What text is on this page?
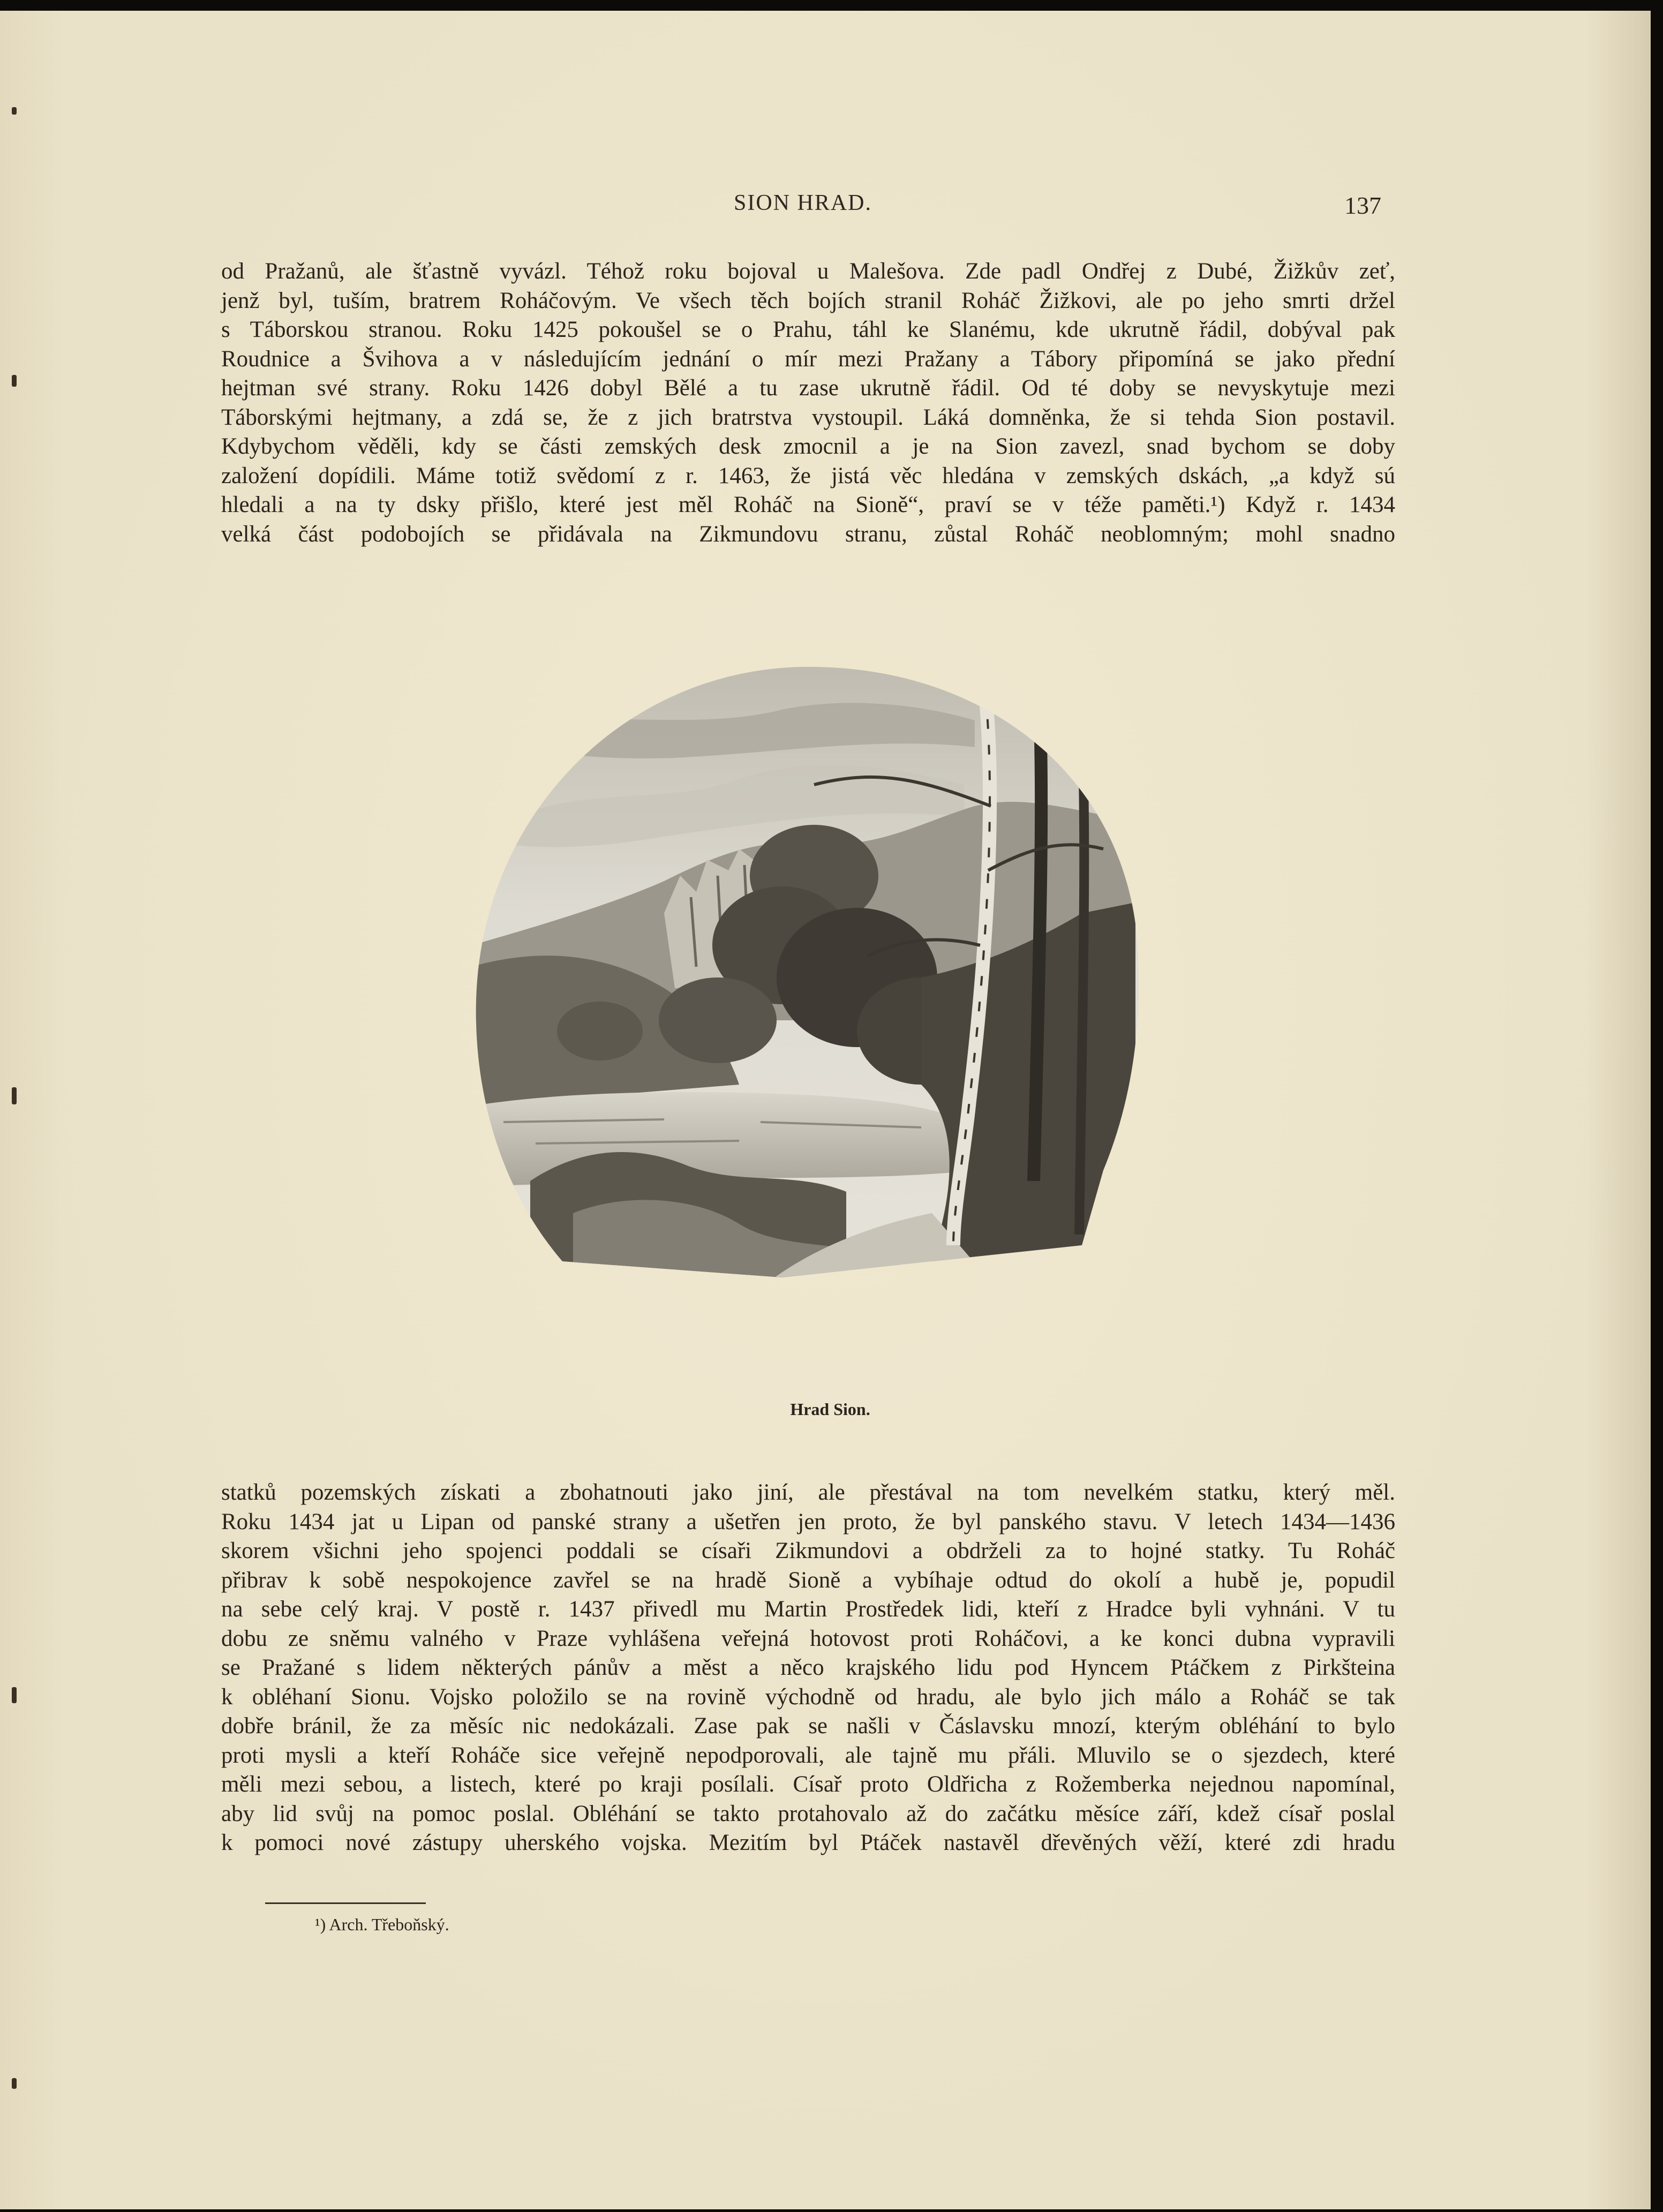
SION HRAD.	137
od Pražanů, ale šťastně vyvázl. Téhož roku bojoval u Malešova. Zde padl Ondřej z Dubé, Žižkův zeť,
jenž byl, tuším, bratrem Roháčovým. Ve všech těch bojích stranil Roháč Žižkovi, ale po jeho smrti držel
s Táborskou stranou. Roku 1425 pokoušel se o Prahu, táhl ke Slanému, kde ukrutně řádil, dobýval pak
Roudnice a Švihova a v následujícím jednání o mír mezi Pražany a Tábory připomíná se jako přední
hejtman své strany. Roku 1426 dobyl Bělé a tu zase ukrutně řádil. Od té doby se nevyskytuje mezi
Táborskými hejtmany, a zdá se, že z jich bratrstva vystoupil. Láká domněnka, že si tehda Sion postavil.
Kdybychom věděli, kdy se části zemských desk zmocnil a je na Sion zavezl, snad bychom se doby
založení dopídili. Máme totiž svědomí z r. 1463, že jistá věc hledána v zemských dskách, „a když sú
hledali a na ty dsky přišlo, které jest měl Roháč na Sioně“, praví se v téže paměti.¹) Když r. 1434
velká část podobojích se přidávala na Zikmundovu stranu, zůstal Roháč neoblomným; mohl snadno
Hrad Sion.
statků pozemských získati a zbohatnouti jako jiní, ale přestával na tom nevelkém statku, který měl.
Roku 1434 jat u Lipan od panské strany a ušetřen jen proto, že byl panského stavu. V letech 1434—1436
skorem všichni jeho spojenci poddali se císaři Zikmundovi a obdrželi za to hojné statky. Tu Roháč
přibrav k sobě nespokojence zavřel se na hradě Sioně a vybíhaje odtud do okolí a hubě je, popudil
na sebe celý kraj. V postě r. 1437 přivedl mu Martin Prostředek lidi, kteří z Hradce byli vyhnáni. V tu
dobu ze sněmu valného v Praze vyhlášena veřejná hotovost proti Roháčovi, a ke konci dubna vypravili
se Pražané s lidem některých pánův a měst a něco krajského lidu pod Hyncem Ptáčkem z Pirkšteina
k obléhaní Sionu. Vojsko položilo se na rovině východně od hradu, ale bylo jich málo a Roháč se tak
dobře bránil, že za měsíc nic nedokázali. Zase pak se našli v Čáslavsku mnozí, kterým obléhání to bylo
proti mysli a kteří Roháče sice veřejně nepodporovali, ale tajně mu přáli. Mluvilo se o sjezdech, které
měli mezi sebou, a listech, které po kraji posílali. Císař proto Oldřicha z Rožemberka nejednou napomínal,
aby lid svůj na pomoc poslal. Obléhání se takto protahovalo až do začátku měsíce září, kdež císař poslal
k pomoci nové zástupy uherského vojska. Mezitím byl Ptáček nastavěl dřevěných věží, které zdi hradu
¹) Arch. Třeboňský.
